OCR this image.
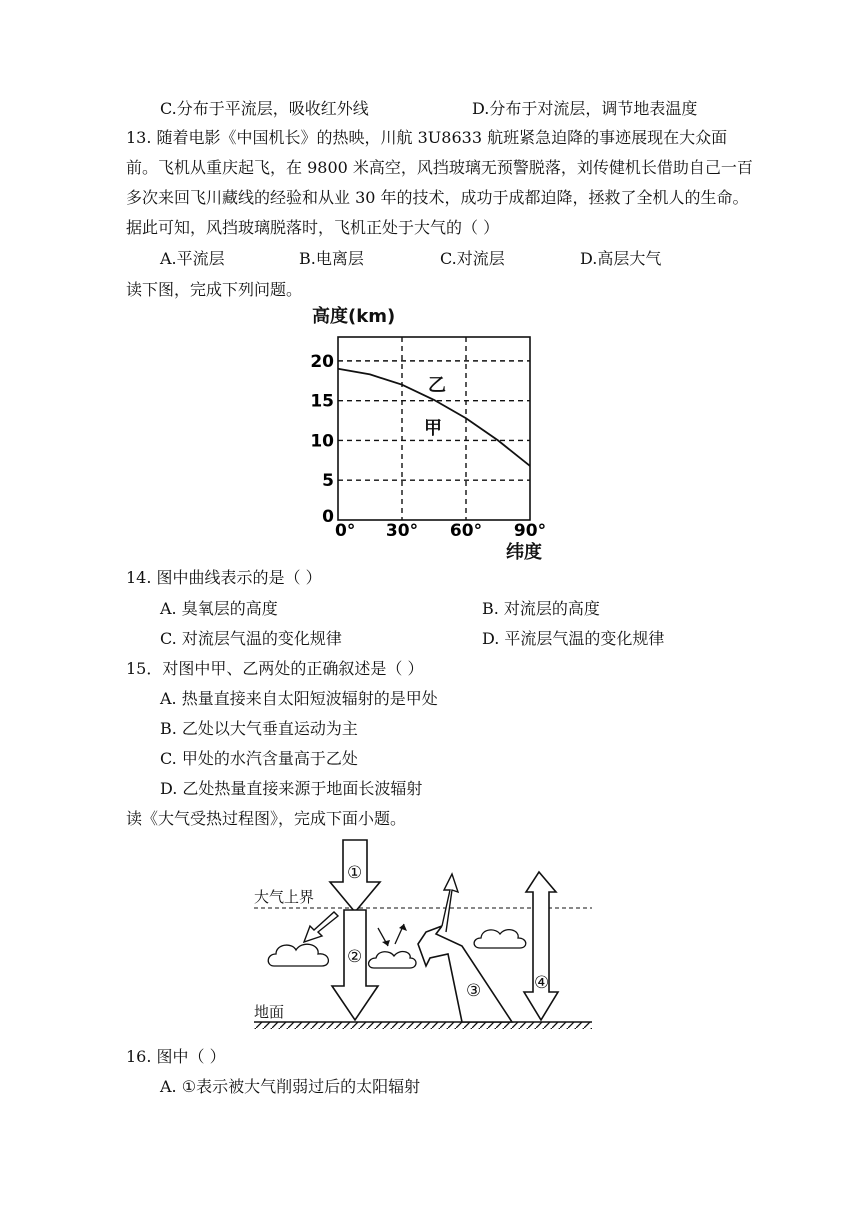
C.分布于平流层，吸收红外线	D.分布于对流层，调节地表温度
13. 随着电影《中国机长》的热映，川航 3U8633 航班紧急迫降的事迹展现在大众面
前。飞机从重庆起飞，在 9800 米高空，风挡玻璃无预警脱落，刘传健机长借助自己一百
多次来回飞川藏线的经验和从业 30 年的技术，成功于成都迫降，拯救了全机人的生命。
据此可知，风挡玻璃脱落时，飞机正处于大气的（ ）
A.平流层	B.电离层	C.对流层	D.高层大气
读下图，完成下列问题。
高度(km)
纬度
0° 30° 60° 90°
0
5
10
15
20
乙
甲
14. 图中曲线表示的是（ ）
A. 臭氧层的高度	B. 对流层的高度
C. 对流层气温的变化规律	D. 平流层气温的变化规律
15．对图中甲、乙两处的正确叙述是（ ）
A. 热量直接来自太阳短波辐射的是甲处
B. 乙处以大气垂直运动为主
C. 甲处的水汽含量高于乙处
D. 乙处热量直接来源于地面长波辐射
读《大气受热过程图》，完成下面小题。
大气上界
地面
①
②
③	④
16. 图中（ ）
A. ①表示被大气削弱过后的太阳辐射
